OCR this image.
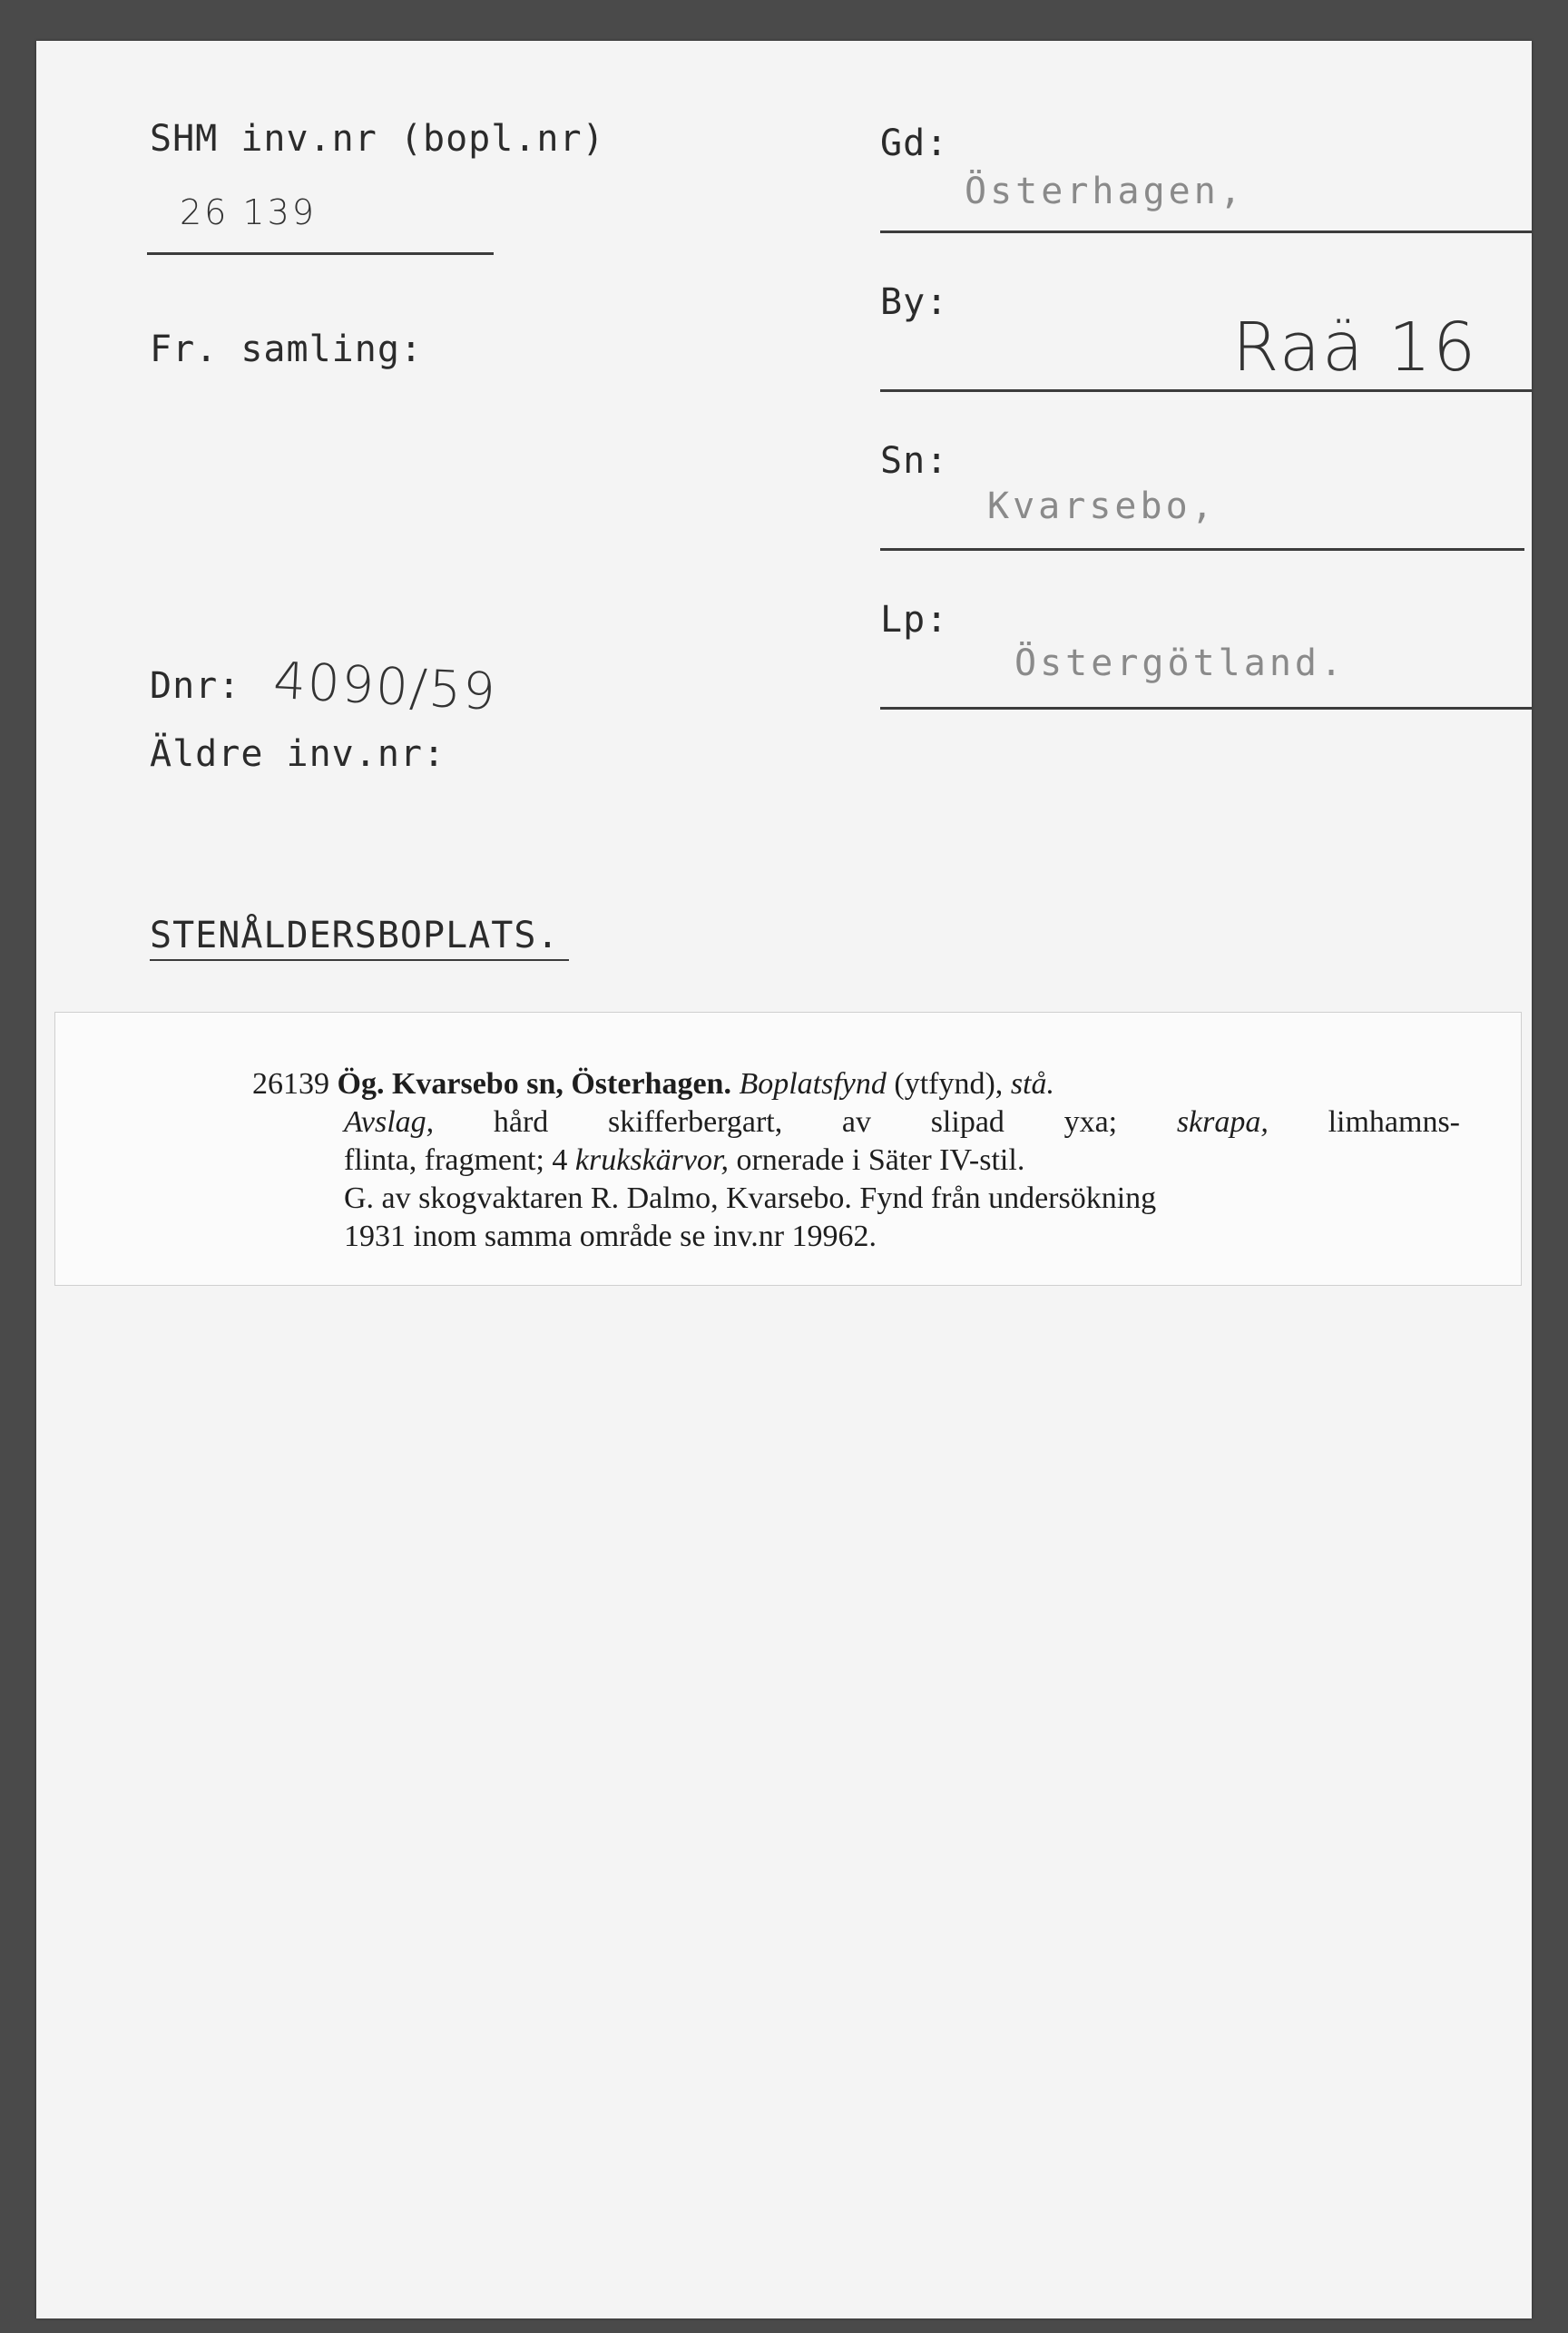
SHM inv.nr (bopl.nr)
26 139
Fr. samling:
Dnr: 4090/59
Äldre inv.nr:
STENÅLDERSBOPLATS.
Gd:
Österhagen,
By:
Raä 16
Sn:
Kvarsebo,
Lp:
Östergötland.
26139 Ög. Kvarsebo sn, Österhagen. Boplatsfynd (ytfynd), stå.
Avslag, hård skifferbergart, av slipad yxa; skrapa, limhamns-
flinta, fragment; 4 krukskärvor, ornerade i Säter IV-stil.
G. av skogvaktaren R. Dalmo, Kvarsebo. Fynd från undersökning
1931 inom samma område se inv.nr 19962.
